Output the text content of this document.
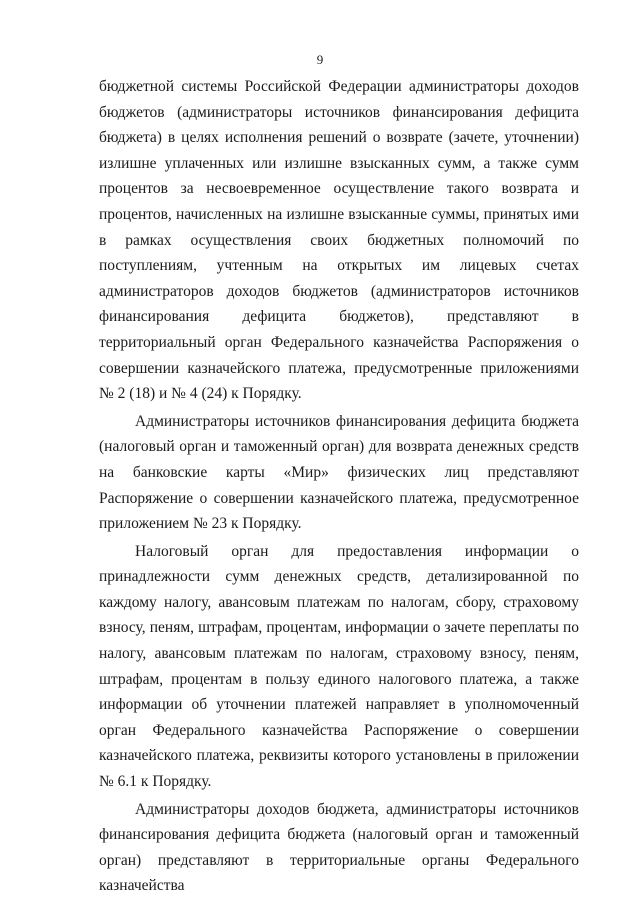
9

бюджетной системы Российской Федерации администраторы доходов бюджетов (администраторы источников финансирования дефицита бюджета) в целях исполнения решений о возврате (зачете, уточнении) излишне уплаченных или излишне взысканных сумм, а также сумм процентов за несвоевременное осуществление такого возврата и процентов, начисленных на излишне взысканные суммы, принятых ими в рамках осуществления своих бюджетных полномочий по поступлениям, учтенным на открытых им лицевых счетах администраторов доходов бюджетов (администраторов источников финансирования дефицита бюджетов), представляют в территориальный орган Федерального казначейства Распоряжения о совершении казначейского платежа, предусмотренные приложениями № 2 (18) и № 4 (24) к Порядку.

Администраторы источников финансирования дефицита бюджета (налоговый орган и таможенный орган) для возврата денежных средств на банковские карты «Мир» физических лиц представляют Распоряжение о совершении казначейского платежа, предусмотренное приложением № 23 к Порядку.

Налоговый орган для предоставления информации о принадлежности сумм денежных средств, детализированной по каждому налогу, авансовым платежам по налогам, сбору, страховому взносу, пеням, штрафам, процентам, информации о зачете переплаты по налогу, авансовым платежам по налогам, страховому взносу, пеням, штрафам, процентам в пользу единого налогового платежа, а также информации об уточнении платежей направляет в уполномоченный орган Федерального казначейства Распоряжение о совершении казначейского платежа, реквизиты которого установлены в приложении № 6.1 к Порядку.

Администраторы доходов бюджета, администраторы источников финансирования дефицита бюджета (налоговый орган и таможенный орган) представляют в территориальные органы Федерального казначейства
